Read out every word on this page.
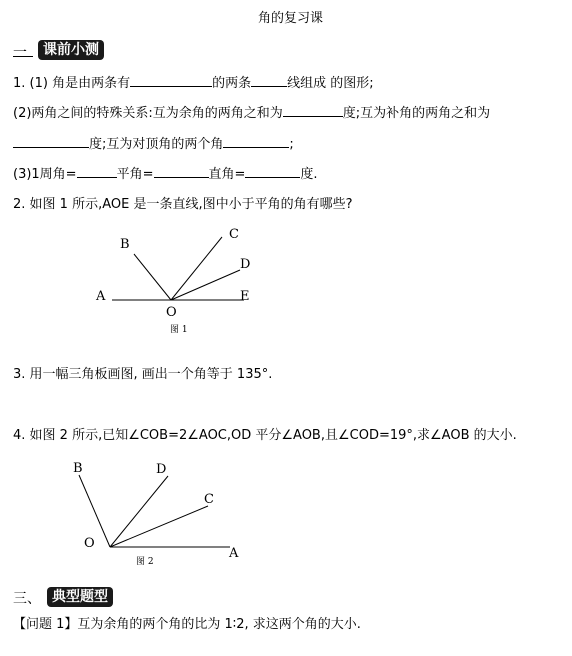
角的复习课
一	课前小测
1. (1) 角是由两条有	的两条	线组成 的图形;
(2)两角之间的特殊关系:互为余角的两角之和为	度;互为补角的两角之和为
度;互为对顶角的两个角	;
(3)1周角=	平角=	直角=	度.
2. 如图 1 所示,AOE 是一条直线,图中小于平角的角有哪些?
A
B
C
D
E
O
图 1
3. 用一幅三角板画图, 画出一个角等于 135°.
4. 如图 2 所示,已知∠COB=2∠AOC,OD 平分∠AOB,且∠COD=19°,求∠AOB 的大小.
B	D
C
O
A
图 2
三、 典型题型
【问题 1】互为余角的两个角的比为 1∶2, 求这两个角的大小.
